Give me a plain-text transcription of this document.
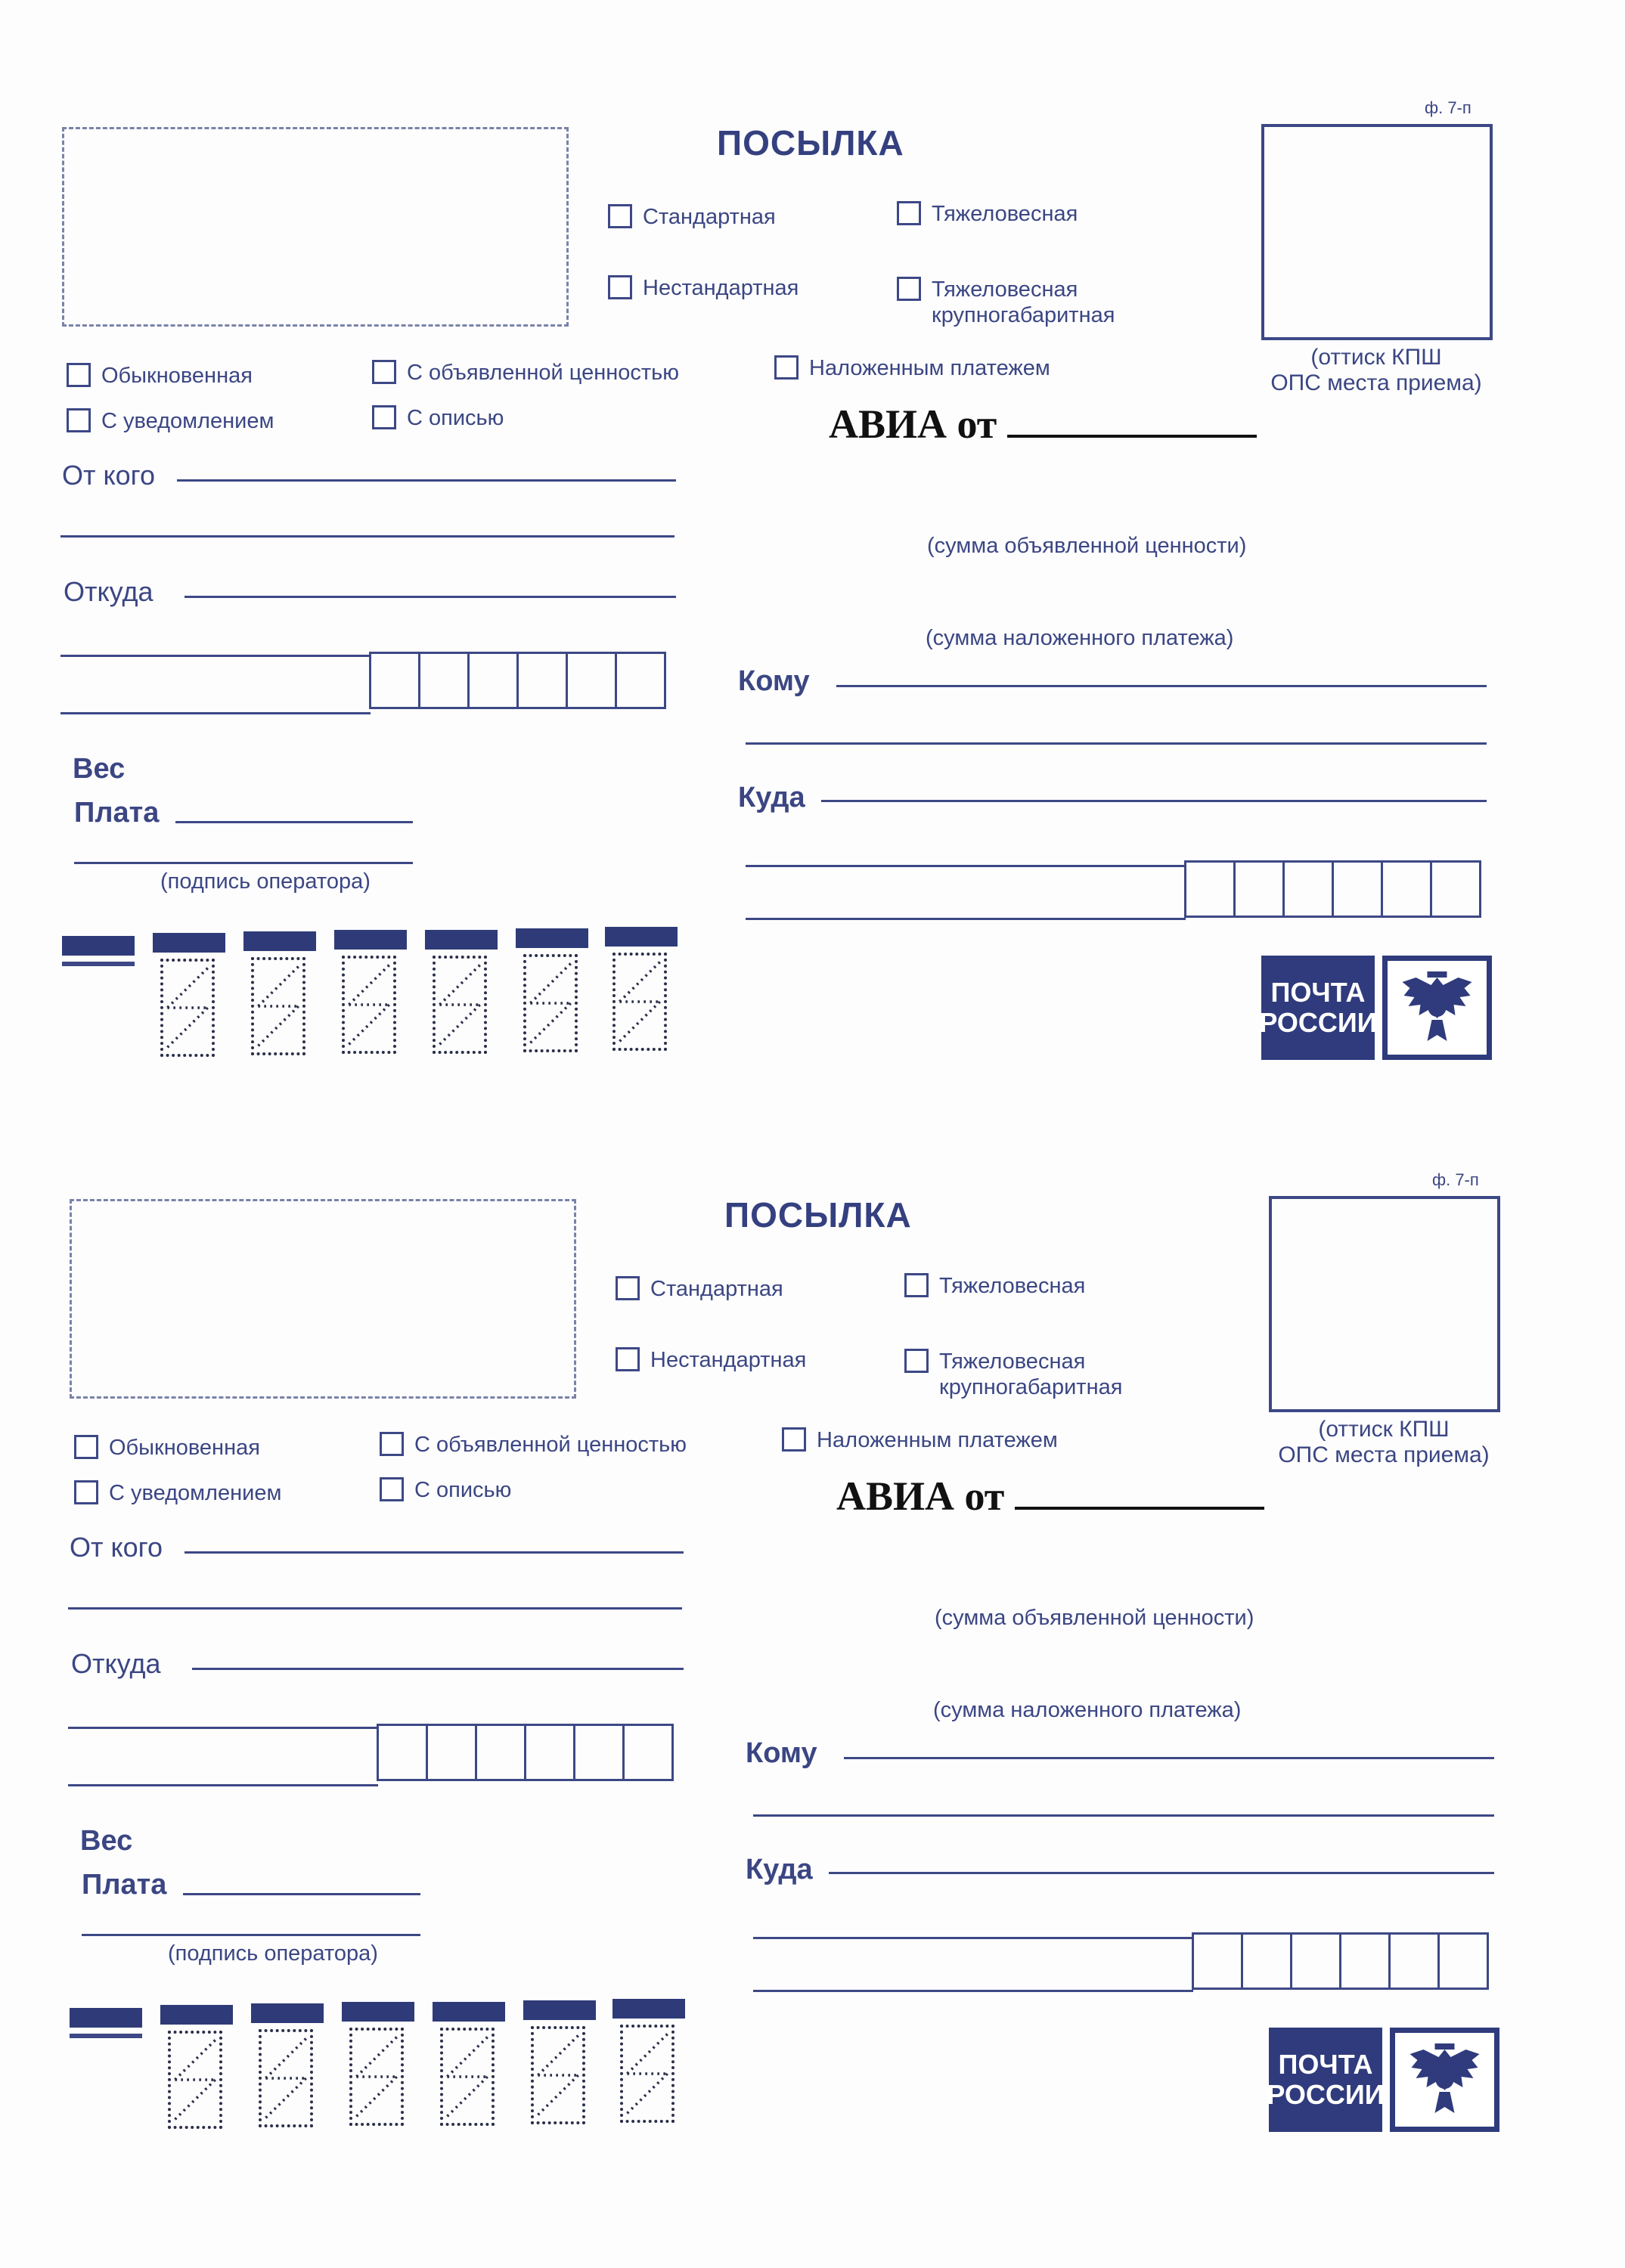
ПОСЫЛКА
ф. 7-п
(оттиск КПШ
ОПС места приема)
Стандартная	Тяжеловесная
Нестандартная	Тяжеловесная
крупногабаритная
Обыкновенная	С объявленной ценностью	Наложенным платежем
С уведомлением	С описью	АВИА от
От кого
Откуда
(сумма объявленной ценности)
(сумма наложенного платежа)
Кому
Куда
Вес
Плата
(подпись оператора)
ПОЧТА
РОССИИ
ПОСЫЛКА
ф. 7-п
(оттиск КПШ
ОПС места приема)
Стандартная	Тяжеловесная
Нестандартная	Тяжеловесная
крупногабаритная
Обыкновенная	С объявленной ценностью	Наложенным платежем
С уведомлением	С описью	АВИА от
От кого
Откуда
(сумма объявленной ценности)
(сумма наложенного платежа)
Кому
Куда
Вес
Плата
(подпись оператора)
ПОЧТА
РОССИИ
